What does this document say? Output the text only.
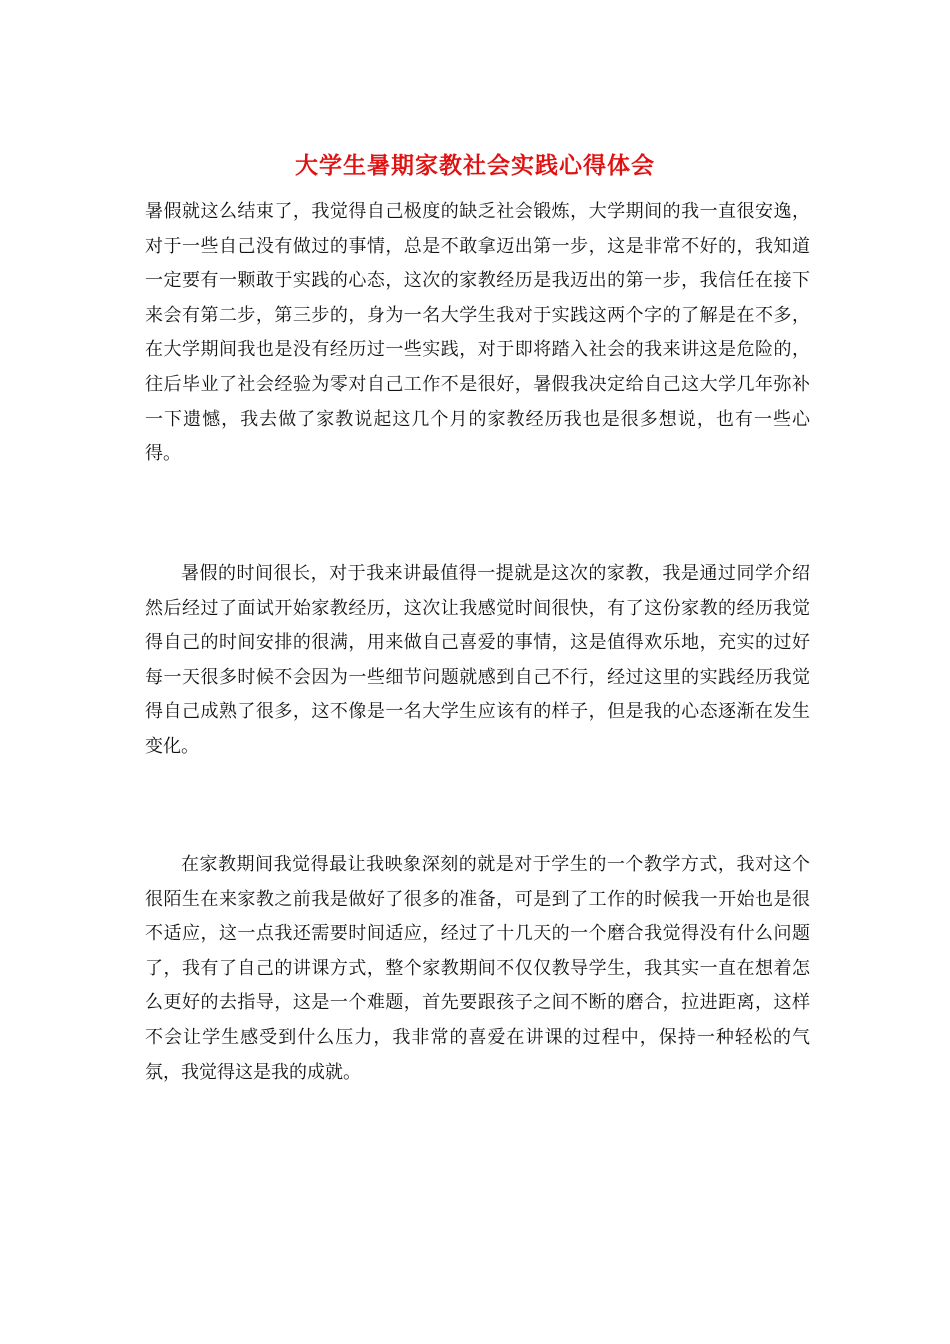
大学生暑期家教社会实践心得体会

暑假就这么结束了，我觉得自己极度的缺乏社会锻炼，大学期间的我一直很安逸，对于一些自己没有做过的事情，总是不敢拿迈出第一步，这是非常不好的，我知道一定要有一颗敢于实践的心态，这次的家教经历是我迈出的第一步，我信任在接下来会有第二步，第三步的，身为一名大学生我对于实践这两个字的了解是在不多，在大学期间我也是没有经历过一些实践，对于即将踏入社会的我来讲这是危险的，往后毕业了社会经验为零对自己工作不是很好，暑假我决定给自己这大学几年弥补一下遗憾，我去做了家教说起这几个月的家教经历我也是很多想说，也有一些心得。

暑假的时间很长，对于我来讲最值得一提就是这次的家教，我是通过同学介绍然后经过了面试开始家教经历，这次让我感觉时间很快，有了这份家教的经历我觉得自己的时间安排的很满，用来做自己喜爱的事情，这是值得欢乐地，充实的过好每一天很多时候不会因为一些细节问题就感到自己不行，经过这里的实践经历我觉得自己成熟了很多，这不像是一名大学生应该有的样子，但是我的心态逐渐在发生变化。

在家教期间我觉得最让我映象深刻的就是对于学生的一个教学方式，我对这个很陌生在来家教之前我是做好了很多的准备，可是到了工作的时候我一开始也是很不适应，这一点我还需要时间适应，经过了十几天的一个磨合我觉得没有什么问题了，我有了自己的讲课方式，整个家教期间不仅仅教导学生，我其实一直在想着怎么更好的去指导，这是一个难题，首先要跟孩子之间不断的磨合，拉进距离，这样不会让学生感受到什么压力，我非常的喜爱在讲课的过程中，保持一种轻松的气氛，我觉得这是我的成就。
